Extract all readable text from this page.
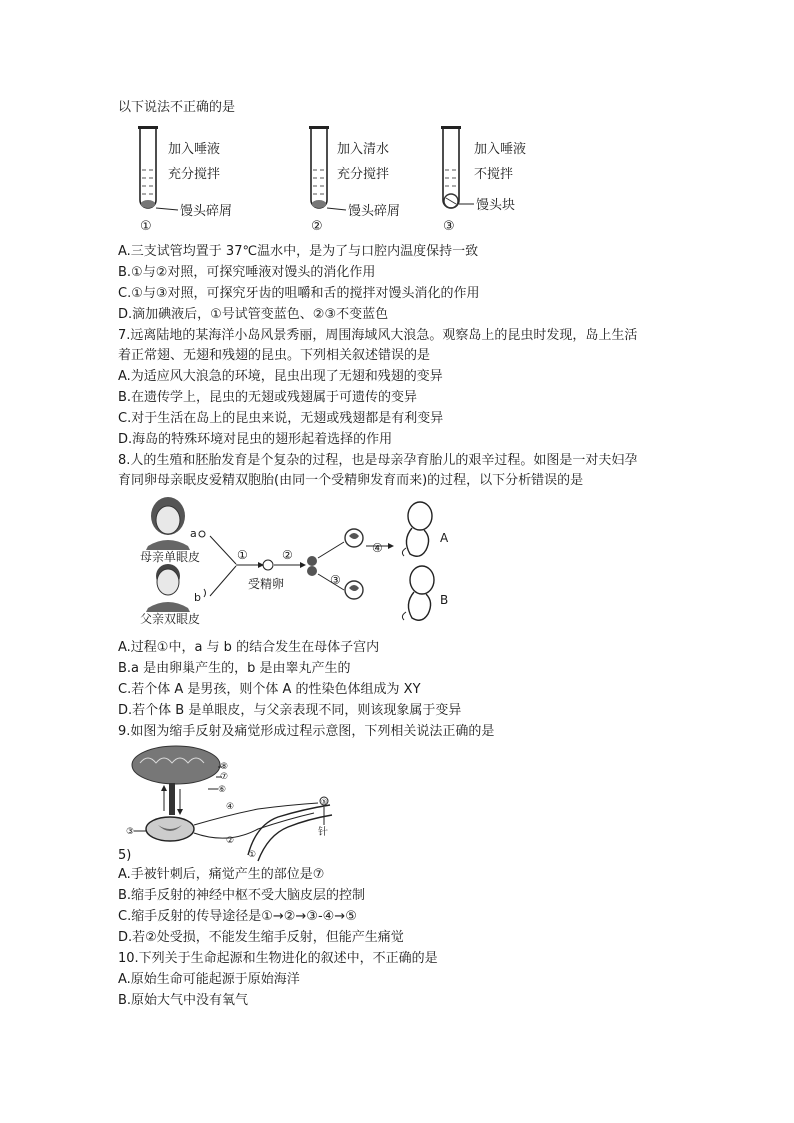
以下说法不正确的是
加入唾液
充分搅拌
馒头碎屑
①
加入清水
充分搅拌
馒头碎屑
②
加入唾液
不搅拌
馒头块
③
A.三支试管均置于 37℃温水中，是为了与口腔内温度保持一致
B.①与②对照，可探究唾液对馒头的消化作用
C.①与③对照，可探究牙齿的咀嚼和舌的搅拌对馒头消化的作用
D.滴加碘液后，①号试管变蓝色、②③不变蓝色
7.远离陆地的某海洋小岛风景秀丽，周围海域风大浪急。观察岛上的昆虫时发现，岛上生活
着正常翅、无翅和残翅的昆虫。下列相关叙述错误的是
A.为适应风大浪急的环境，昆虫出现了无翅和残翅的变异
B.在遗传学上，昆虫的无翅或残翅属于可遗传的变异
C.对于生活在岛上的昆虫来说，无翅或残翅都是有利变异
D.海岛的特殊环境对昆虫的翅形起着选择的作用
8.人的生殖和胚胎发育是个复杂的过程，也是母亲孕育胎儿的艰辛过程。如图是一对夫妇孕
育同卵母亲眠皮爱精双胞胎(由同一个受精卵发育而来)的过程，以下分析错误的是
母亲单眼皮
a
父亲双眼皮
b
①
受精卵
②
③
④
A
B
A.过程①中，a 与 b 的结合发生在母体子宫内
B.a 是由卵巢产生的，b 是由睾丸产生的
C.若个体 A 是男孩，则个体 A 的性染色体组成为 XY
D.若个体 B 是单眼皮，与父亲表现不同，则该现象属于变异
9.如图为缩手反射及痛觉形成过程示意图，下列相关说法正确的是
⑧
⑦
⑥
③
④
②
①
⑤
针
5)
A.手被针刺后，痛觉产生的部位是⑦
B.缩手反射的神经中枢不受大脑皮层的控制
C.缩手反射的传导途径是①→②→③-④→⑤
D.若②处受损，不能发生缩手反射，但能产生痛觉
10.下列关于生命起源和生物进化的叙述中，不正确的是
A.原始生命可能起源于原始海洋
B.原始大气中没有氧气
